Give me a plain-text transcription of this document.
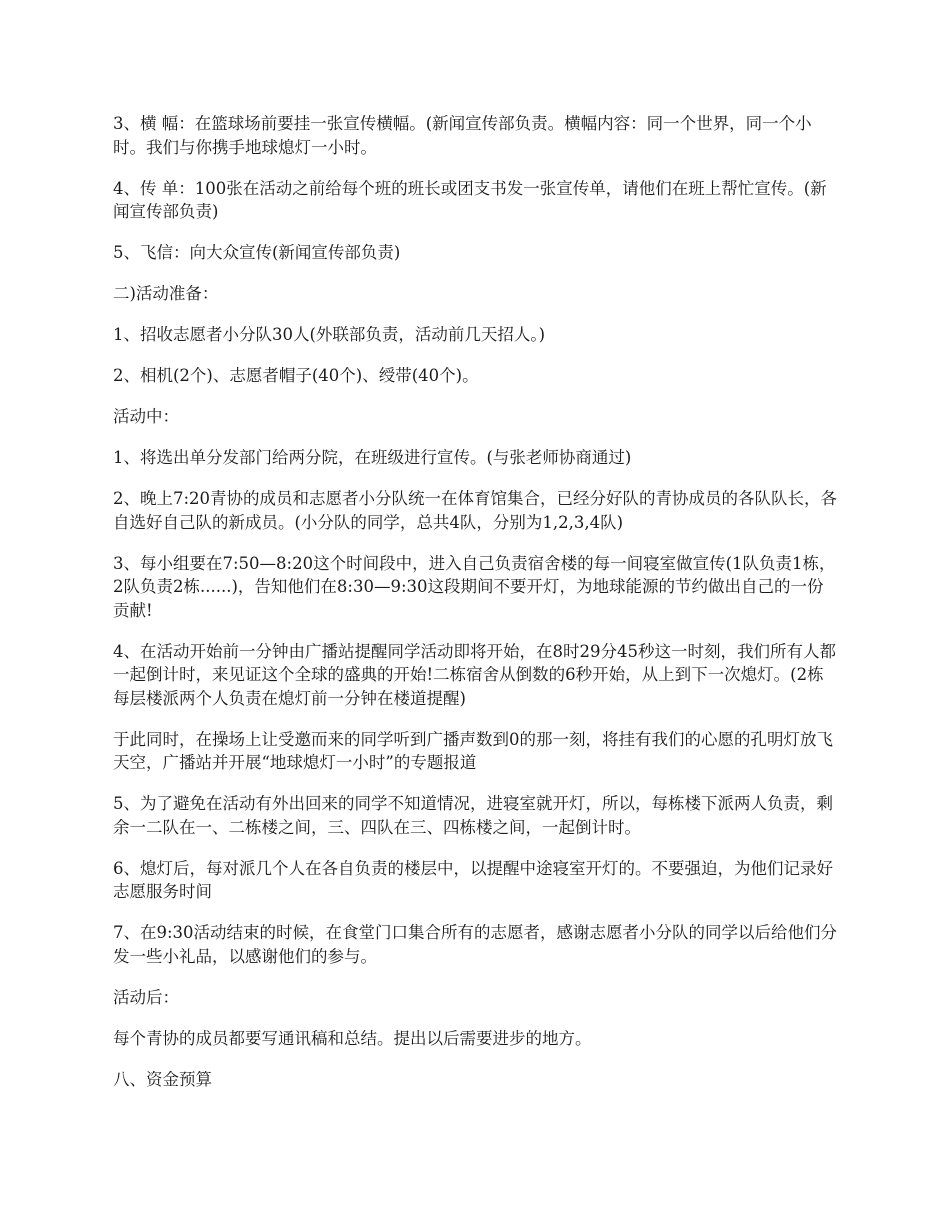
3、横 幅：在篮球场前要挂一张宣传横幅。(新闻宣传部负责。横幅内容：同一个世界，同一个小时。我们与你携手地球熄灯一小时。

4、传 单：100张在活动之前给每个班的班长或团支书发一张宣传单，请他们在班上帮忙宣传。(新闻宣传部负责)

5、飞信：向大众宣传(新闻宣传部负责)

二)活动准备：

1、招收志愿者小分队30人(外联部负责，活动前几天招人。)

2、相机(2个)、志愿者帽子(40个)、绶带(40个)。

活动中：

1、将选出单分发部门给两分院，在班级进行宣传。(与张老师协商通过)

2、晚上7:20青协的成员和志愿者小分队统一在体育馆集合，已经分好队的青协成员的各队队长，各自选好自己队的新成员。(小分队的同学，总共4队，分别为1,2,3,4队)

3、每小组要在7:50—8:20这个时间段中，进入自己负责宿舍楼的每一间寝室做宣传(1队负责1栋，2队负责2栋......)，告知他们在8:30—9:30这段期间不要开灯，为地球能源的节约做出自己的一份贡献!

4、在活动开始前一分钟由广播站提醒同学活动即将开始，在8时29分45秒这一时刻，我们所有人都一起倒计时，来见证这个全球的盛典的开始!二栋宿舍从倒数的6秒开始，从上到下一次熄灯。(2栋每层楼派两个人负责在熄灯前一分钟在楼道提醒)

于此同时，在操场上让受邀而来的同学听到广播声数到0的那一刻，将挂有我们的心愿的孔明灯放飞天空，广播站并开展“地球熄灯一小时”的专题报道

5、为了避免在活动有外出回来的同学不知道情况，进寝室就开灯，所以，每栋楼下派两人负责，剩余一二队在一、二栋楼之间，三、四队在三、四栋楼之间，一起倒计时。

6、熄灯后，每对派几个人在各自负责的楼层中，以提醒中途寝室开灯的。不要强迫，为他们记录好志愿服务时间

7、在9:30活动结束的时候，在食堂门口集合所有的志愿者，感谢志愿者小分队的同学以后给他们分发一些小礼品，以感谢他们的参与。

活动后：

每个青协的成员都要写通讯稿和总结。提出以后需要进步的地方。

八、资金预算
